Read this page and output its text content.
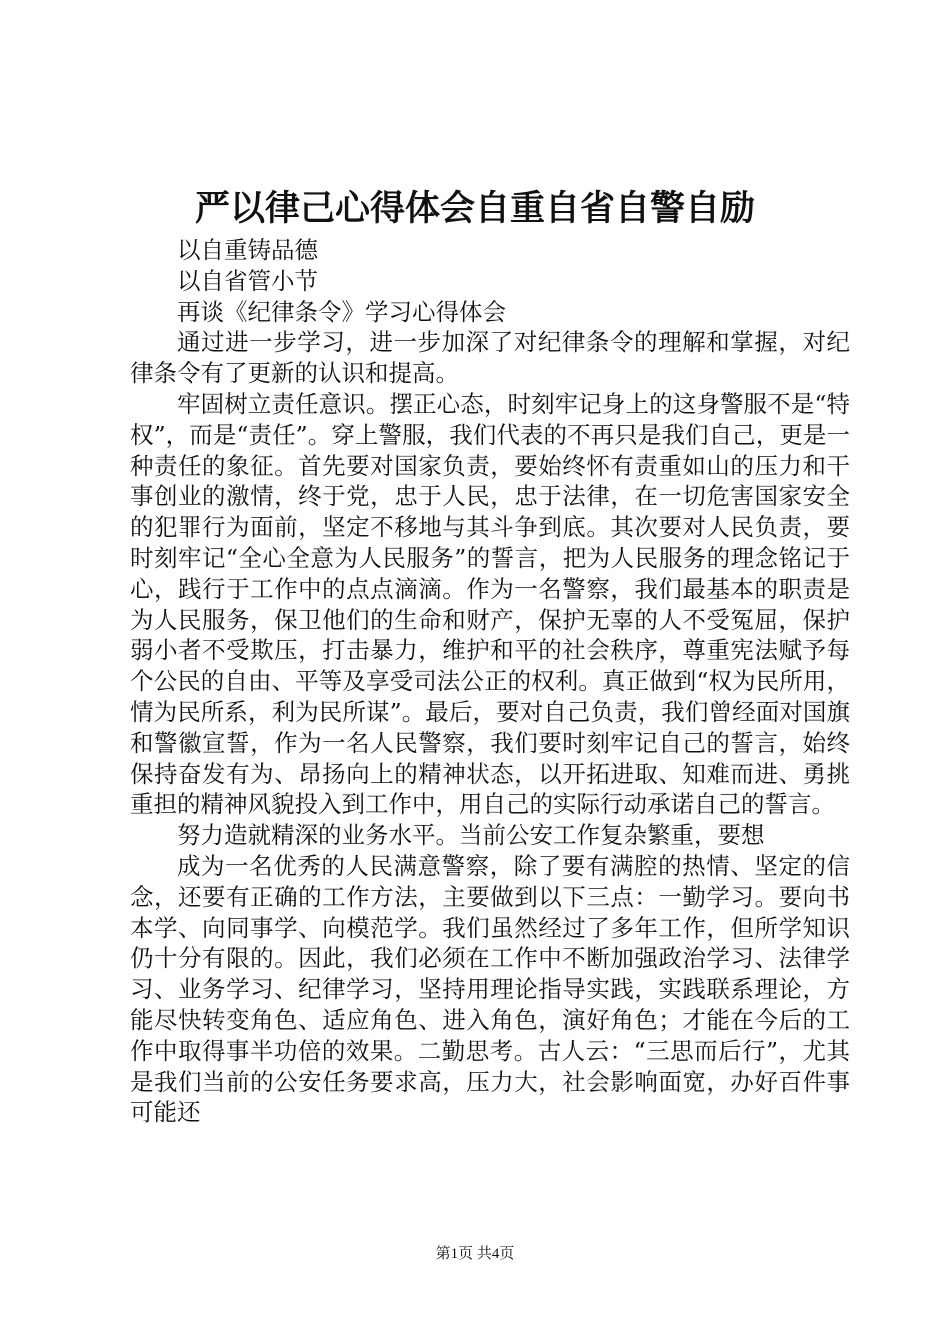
严以律己心得体会自重自省自警自励

以自重铸品德

以自省管小节

再谈《纪律条令》学习心得体会

通过进一步学习，进一步加深了对纪律条令的理解和掌握，对纪律条令有了更新的认识和提高。

牢固树立责任意识。摆正心态，时刻牢记身上的这身警服不是“特权”，而是“责任”。穿上警服，我们代表的不再只是我们自己，更是一种责任的象征。首先要对国家负责，要始终怀有责重如山的压力和干事创业的激情，终于党，忠于人民，忠于法律，在一切危害国家安全的犯罪行为面前，坚定不移地与其斗争到底。其次要对人民负责，要时刻牢记“全心全意为人民服务”的誓言，把为人民服务的理念铭记于心，践行于工作中的点点滴滴。作为一名警察，我们最基本的职责是为人民服务，保卫他们的生命和财产，保护无辜的人不受冤屈，保护弱小者不受欺压，打击暴力，维护和平的社会秩序，尊重宪法赋予每个公民的自由、平等及享受司法公正的权利。真正做到“权为民所用，情为民所系，利为民所谋”。最后，要对自己负责，我们曾经面对国旗和警徽宣誓，作为一名人民警察，我们要时刻牢记自己的誓言，始终保持奋发有为、昂扬向上的精神状态，以开拓进取、知难而进、勇挑重担的精神风貌投入到工作中，用自己的实际行动承诺自己的誓言。

努力造就精深的业务水平。当前公安工作复杂繁重，要想

成为一名优秀的人民满意警察，除了要有满腔的热情、坚定的信念，还要有正确的工作方法，主要做到以下三点：一勤学习。要向书本学、向同事学、向模范学。我们虽然经过了多年工作，但所学知识仍十分有限的。因此，我们必须在工作中不断加强政治学习、法律学习、业务学习、纪律学习，坚持用理论指导实践，实践联系理论，方能尽快转变角色、适应角色、进入角色，演好角色；才能在今后的工作中取得事半功倍的效果。二勤思考。古人云：“三思而后行”，尤其是我们当前的公安任务要求高，压力大，社会影响面宽，办好百件事可能还

第1页 共4页
